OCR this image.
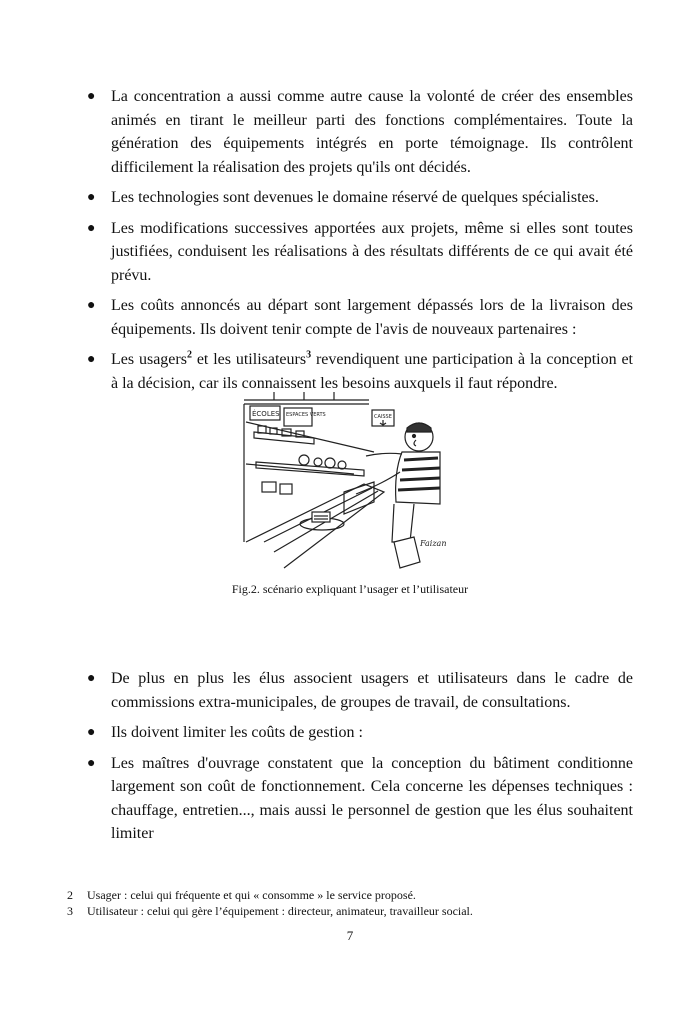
● La concentration a aussi comme autre cause la volonté de créer des ensembles animés en tirant le meilleur parti des fonctions complémentaires. Toute la génération des équipements intégrés en porte témoignage. Ils contrôlent difficilement la réalisation des projets qu'ils ont décidés.
● Les technologies sont devenues le domaine réservé de quelques spécialistes.
● Les modifications successives apportées aux projets, même si elles sont toutes justifiées, conduisent les réalisations à des résultats différents de ce qui avait été prévu.
● Les coûts annoncés au départ sont largement dépassés lors de la livraison des équipements. Ils doivent tenir compte de l'avis de nouveaux partenaires :
● Les usagers$^2$ et les utilisateurs$^3$ revendiquent une participation à la conception et à la décision, car ils connaissent les besoins auxquels il faut répondre.
ÉCOLES ESPACES VERTS	CAISSE
Faizan
Fig.2. scénario expliquant l’usager et l’utilisateur
● De plus en plus les élus associent usagers et utilisateurs dans le cadre de commissions extra-municipales, de groupes de travail, de consultations.
● Ils doivent limiter les coûts de gestion :
● Les maîtres d'ouvrage constatent que la conception du bâtiment conditionne largement son coût de fonctionnement. Cela concerne les dépenses techniques : chauffage, entretien..., mais aussi le personnel de gestion que les élus souhaitent limiter
2	Usager : celui qui fréquente et qui « consomme » le service proposé.
3	Utilisateur : celui qui gère l’équipement : directeur, animateur, travailleur social.
7
